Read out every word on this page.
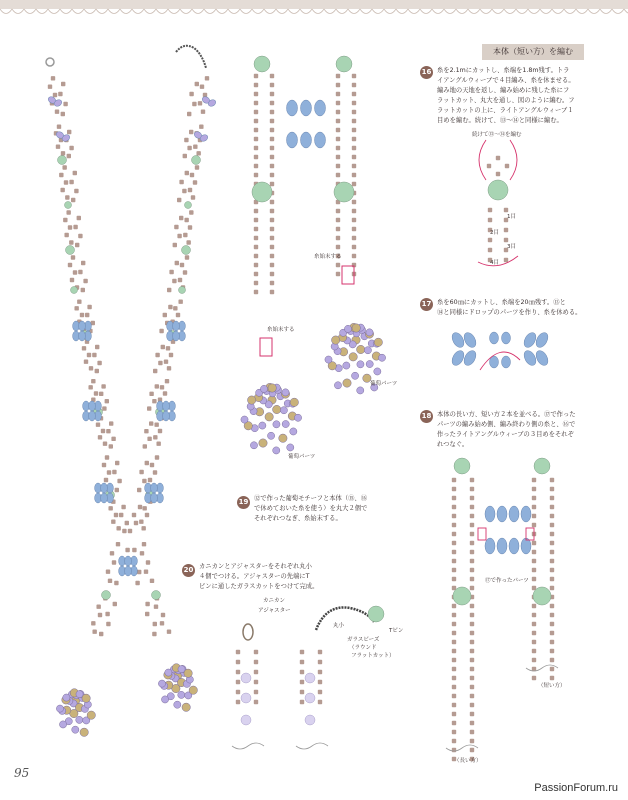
本体（短い方）を編む
16 糸を2.1mにカットし、糸端を1.8m残す。トラ
イアングルウィーブで４目編み、糸を休ませる。
編み地の天地を返し、編み始めに残した糸にフ
ラットカット、丸大を通し、図のように編む。フ
ラットカットの上に、ライトアングルウィーブ１
目めを編む。続けて、⑬～⑭と同様に編む。
17 糸を60㎝にカットし、糸端を20㎝残す。⑬と
⑭と同様にドロップのパーツを作り、糸を休める。
18 本体の長い方、短い方２本を並べる。⑰で作った
パーツの編み始め側、編み終わり側の糸と、⑯で
作ったライトアングルウィーブの３目めをそれぞ
れつなぐ。
19 ⑫で作った葡萄モチーフと本体（⑮、⑯
で休めておいた糸を使う）を丸大２個で
それぞれつなぎ、糸始末する。
20 カニカンとアジャスターをそれぞれ丸小
４個でつける。アジャスターの先端にT
ピンに通したガラスカットをつけて完成。
糸始末する
糸始末する
葡萄パーツ
葡萄パーツ
続けて⑬～⑭を編む
1目
2目
3目
4目
⑰で作ったパーツ
（短い方）
（長い方）
カニカン
アジャスター
丸小
Tピン
ガラスビーズ
（ラウンド
フラットカット）
95
PassionForum.ru
